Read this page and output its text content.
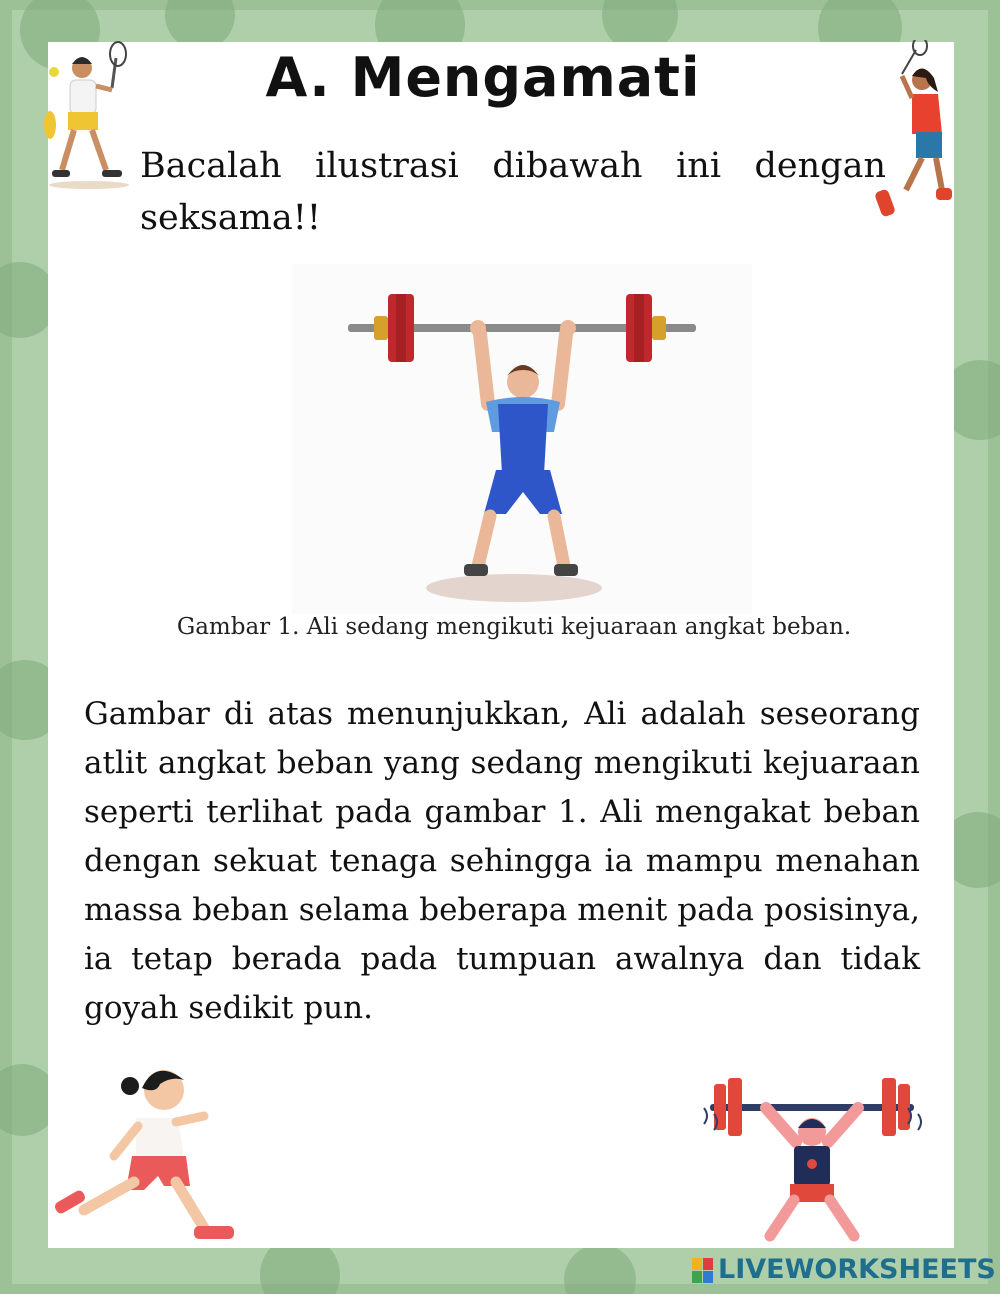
A. Mengamati
Bacalah ilustrasi dibawah ini dengan
seksama!!

Gambar 1. Ali sedang mengikuti kejuaraan angkat beban.

Gambar di atas menunjukkan, Ali adalah seseorang atlit angkat beban yang sedang mengikuti kejuaraan seperti terlihat pada gambar 1. Ali mengakat beban dengan sekuat tenaga sehingga ia mampu menahan massa beban selama beberapa menit pada posisinya, ia tetap berada pada tumpuan awalnya dan tidak goyah sedikit pun.

LIVEWORKSHEETS
